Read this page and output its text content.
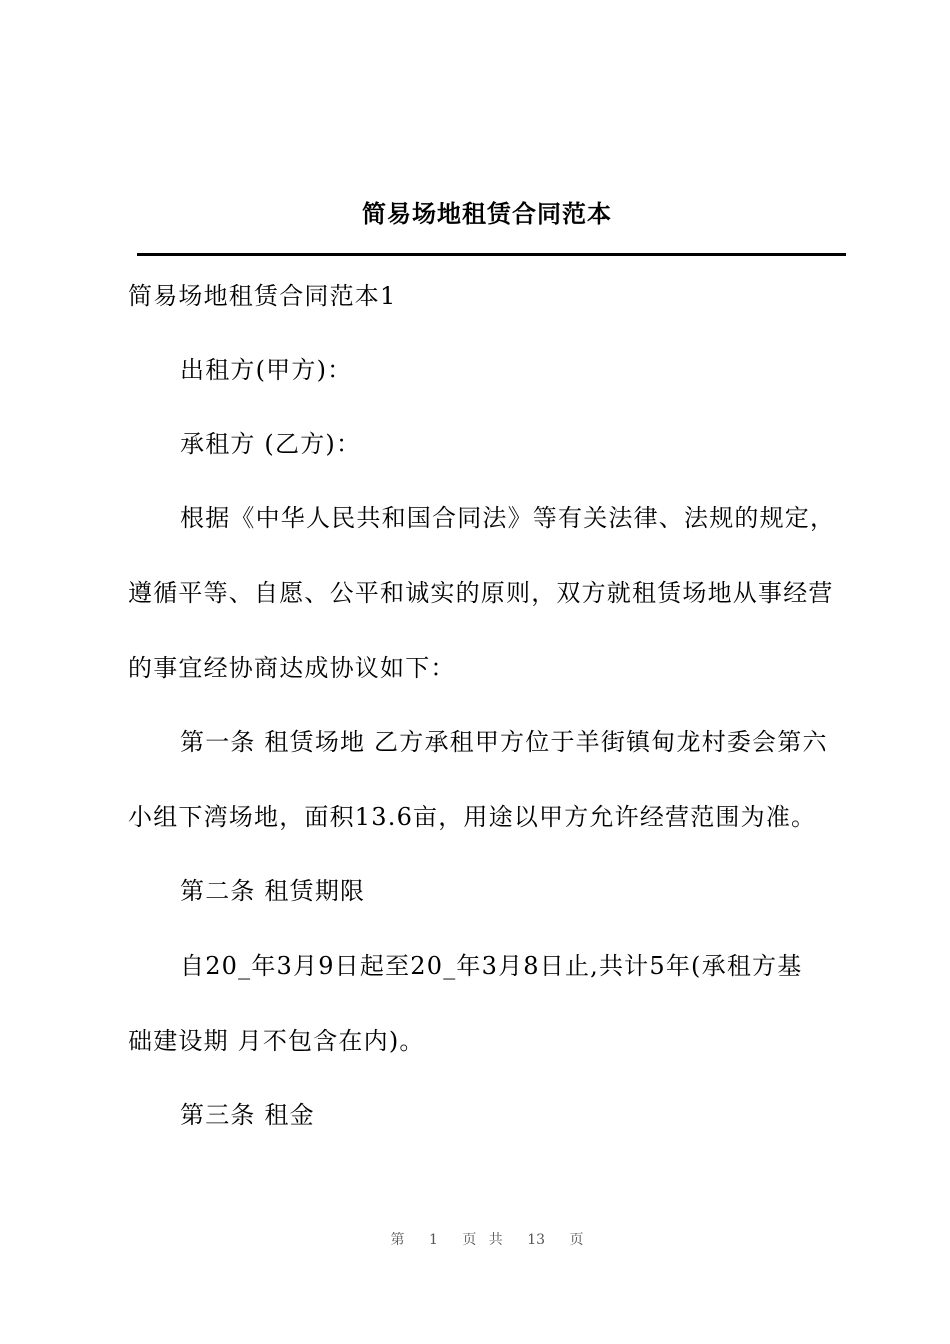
简易场地租赁合同范本
简易场地租赁合同范本1
出租方(甲方)：
承租方 (乙方)：
根据《中华人民共和国合同法》等有关法律、法规的规定，
遵循平等、自愿、公平和诚实的原则，双方就租赁场地从事经营
的事宜经协商达成协议如下：
第一条 租赁场地 乙方承租甲方位于羊街镇甸龙村委会第六
小组下湾场地，面积13.6亩，用途以甲方允许经营范围为准。
第二条 租赁期限
自20_年3月9日起至20_年3月8日止,共计5年(承租方基
础建设期 月不包含在内)。
第三条 租金
第 1 页 共 13 页
